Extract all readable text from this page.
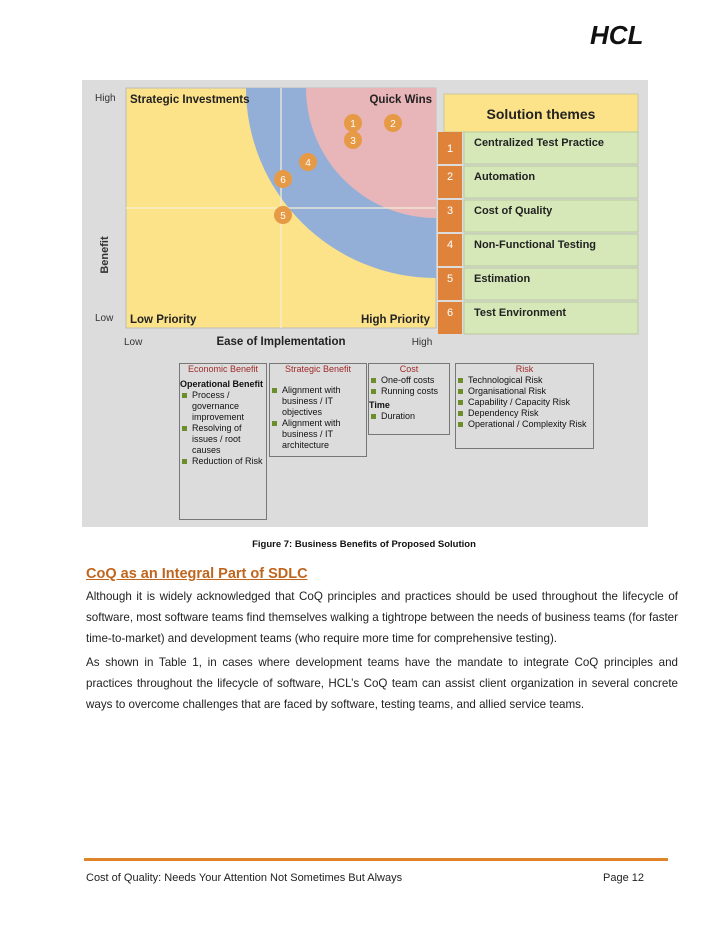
HCL
Strategic Investments	Quick Wins
Low Priority	High Priority
High
Low
Benefit
Low	High
Ease of Implementation
1	2
3
4
6
5
Solution themes
1 Centralized Test Practice
2 Automation
3 Cost of Quality
4 Non-Functional Testing
5 Estimation
6 Test Environment
Economic Benefit
Operational Benefit
Process / governance improvement
Resolving of issues / root causes
Reduction of Risk
Strategic Benefit
Alignment with business / IT objectives
Alignment with business / IT architecture
Cost
One-off costs
Running costs
Time
Duration
Risk
Technological Risk
Organisational Risk
Capability / Capacity Risk
Dependency Risk
Operational / Complexity Risk
Figure 7: Business Benefits of Proposed Solution
CoQ as an Integral Part of SDLC
Although it is widely acknowledged that CoQ principles and practices should be used throughout the lifecycle of software, most software teams find themselves walking a tightrope between the needs of business teams (for faster time-to-market) and development teams (who require more time for comprehensive testing).
As shown in Table 1, in cases where development teams have the mandate to integrate CoQ principles and practices throughout the lifecycle of software, HCL’s CoQ team can assist client organization in several concrete ways to overcome challenges that are faced by software, testing teams, and allied service teams.
Cost of Quality: Needs Your Attention Not Sometimes But Always	Page 12
